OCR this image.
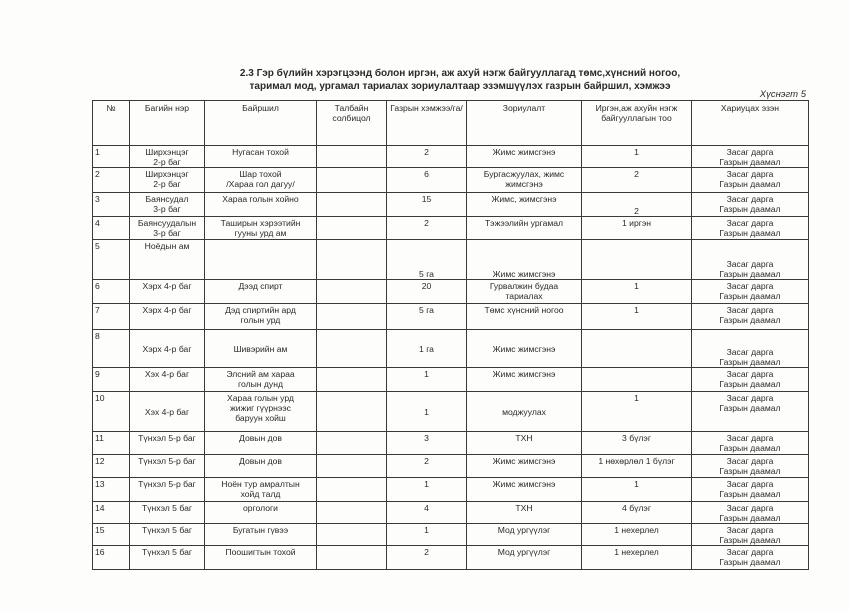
2.3 Гэр бүлийн хэрэгцээнд болон иргэн, аж ахуй нэгж байгууллагад төмс,хүнсний ногоо,
таримал мод, ургамал тариалах зориулалтаар эзэмшүүлэх газрын байршил, хэмжээ
Хүснэгт 5
№	Багийн нэр	Байршил	Талбайн солбицол	Газрын хэмжээ/га/	Зориулалт	Иргэн,аж ахуйн нэгж байгууллагын тоо	Хариуцах эзэн

1	Ширхэнцэг
2-р баг	Нугасан тохой		2	Жимс жимсгэнэ	1	Засаг дарга
Газрын даамал

2	Ширхэнцэг
2-р баг	Шар тохой
/Хараа гол дагуу/		6	Бургасжуулах, жимс
жимсгэнэ	2	Засаг дарга
Газрын даамал

3	Баянсудал
3-р баг	Хараа голын хойно		15	Жимс, жимсгэнэ	2	Засаг дарга
Газрын даамал

4	Баянсуудалын
3-р баг	Таширын хэрээтийн
гууны урд ам		2	Тэжээлийн ургамал	1 иргэн	Засаг дарга
Газрын даамал

5	Ноёдын ам			5 га	Жимс жимсгэнэ		Засаг дарга
Газрын даамал

6	Хэрх 4-р баг	Дээд спирт		20	Гурвалжин будаа
тариалах	1	Засаг дарга
Газрын даамал

7	Хэрх 4-р баг	Дэд спиртийн ард
голын урд		5 га	Төмс хүнсний ногоо	1	Засаг дарга
Газрын даамал

8	Хэрх 4-р баг	Шивэрийн ам		1 га	Жимс жимсгэнэ		Засаг дарга
Газрын даамал

9	Хэх 4-р баг	Элсний ам хараа
голын дунд		1	Жимс жимсгэнэ		Засаг дарга
Газрын даамал

10	Хэх 4-р баг	Хараа голын урд
жижиг гүүрнээс
баруун хойш		1	моджуулах	1	Засаг дарга
Газрын даамал

11	Түнхэл 5-р баг	Довын дов		3	ТХН	3 бүлэг	Засаг дарга
Газрын даамал

12	Түнхэл 5-р баг	Довын дов		2	Жимс жимсгэнэ	1 нөхөрлөл 1 бүлэг	Засаг дарга
Газрын даамал

13	Түнхэл 5-р баг	Ноён тур амралтын
хойд талд		1	Жимс жимсгэнэ	1	Засаг дарга
Газрын даамал

14	Түнхэл 5 баг	оргологи		4	ТХН	4 бүлэг	Засаг дарга
Газрын даамал

15	Түнхэл 5 баг	Бугатын гүвээ		1	Мод ургүүлэг	1 нехерлел	Засаг дарга
Газрын даамал

16	Түнхэл 5 баг	Поошигтын тохой		2	Мод ургүүлэг	1 нехерлел	Засаг дарга
Газрын даамал
